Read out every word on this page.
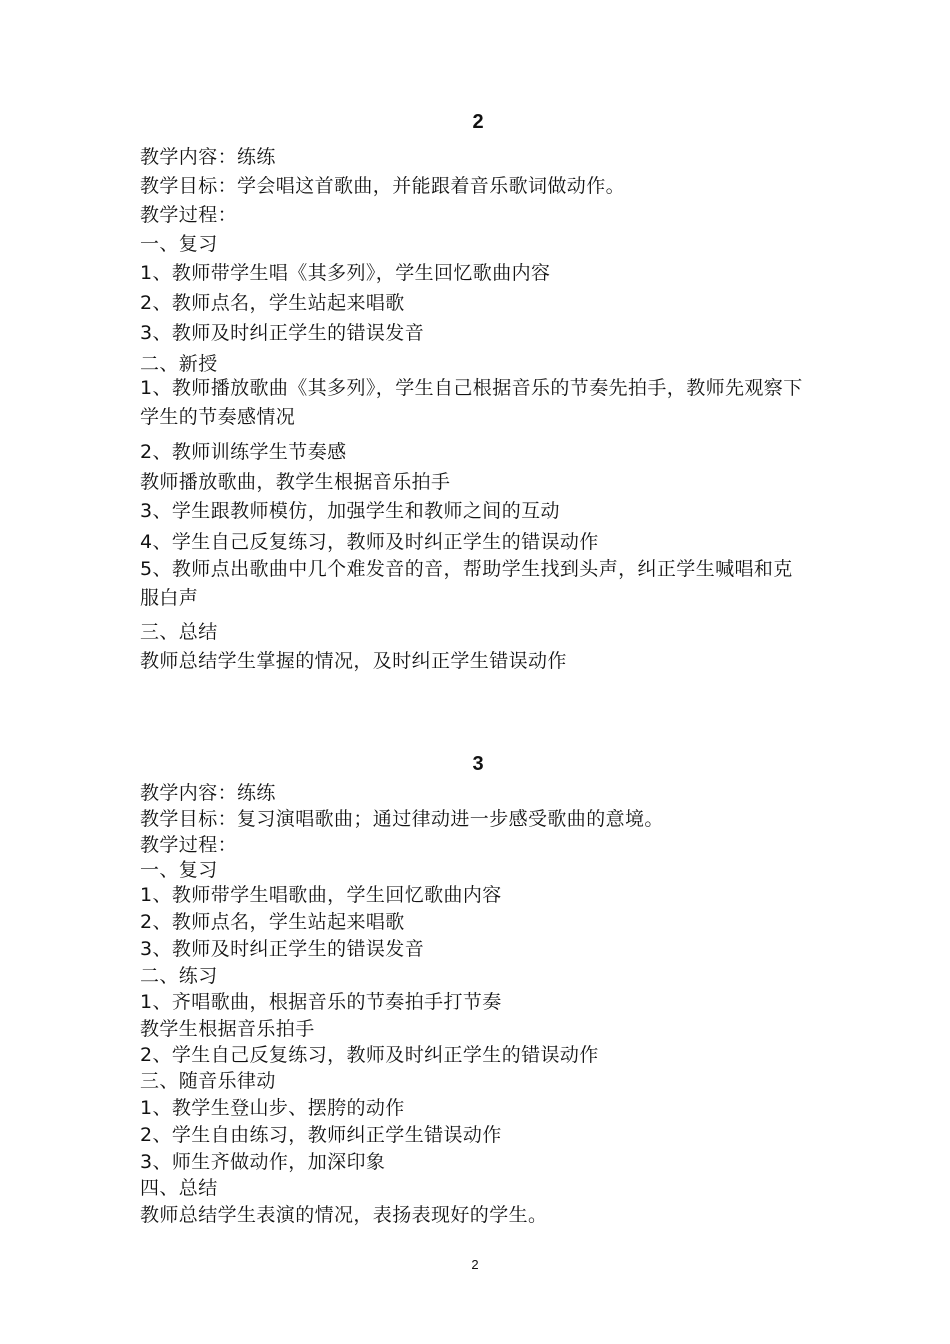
2
教学内容：练练
教学目标：学会唱这首歌曲，并能跟着音乐歌词做动作。
教学过程：
一、复习
1、教师带学生唱《其多列》，学生回忆歌曲内容
2、教师点名，学生站起来唱歌
3、教师及时纠正学生的错误发音
二、新授
1、教师播放歌曲《其多列》，学生自己根据音乐的节奏先拍手，教师先观察下学生的节奏感情况
2、教师训练学生节奏感
教师播放歌曲，教学生根据音乐拍手
3、学生跟教师模仿，加强学生和教师之间的互动
4、学生自己反复练习，教师及时纠正学生的错误动作
5、教师点出歌曲中几个难发音的音，帮助学生找到头声，纠正学生喊唱和克服白声
三、总结
教师总结学生掌握的情况，及时纠正学生错误动作
3
教学内容：练练
教学目标：复习演唱歌曲；通过律动进一步感受歌曲的意境。
教学过程：
一、复习
1、教师带学生唱歌曲，学生回忆歌曲内容
2、教师点名，学生站起来唱歌
3、教师及时纠正学生的错误发音
二、练习
1、齐唱歌曲，根据音乐的节奏拍手打节奏
教学生根据音乐拍手
2、学生自己反复练习，教师及时纠正学生的错误动作
三、随音乐律动
1、教学生登山步、摆胯的动作
2、学生自由练习，教师纠正学生错误动作
3、师生齐做动作，加深印象
四、总结
教师总结学生表演的情况，表扬表现好的学生。
2
